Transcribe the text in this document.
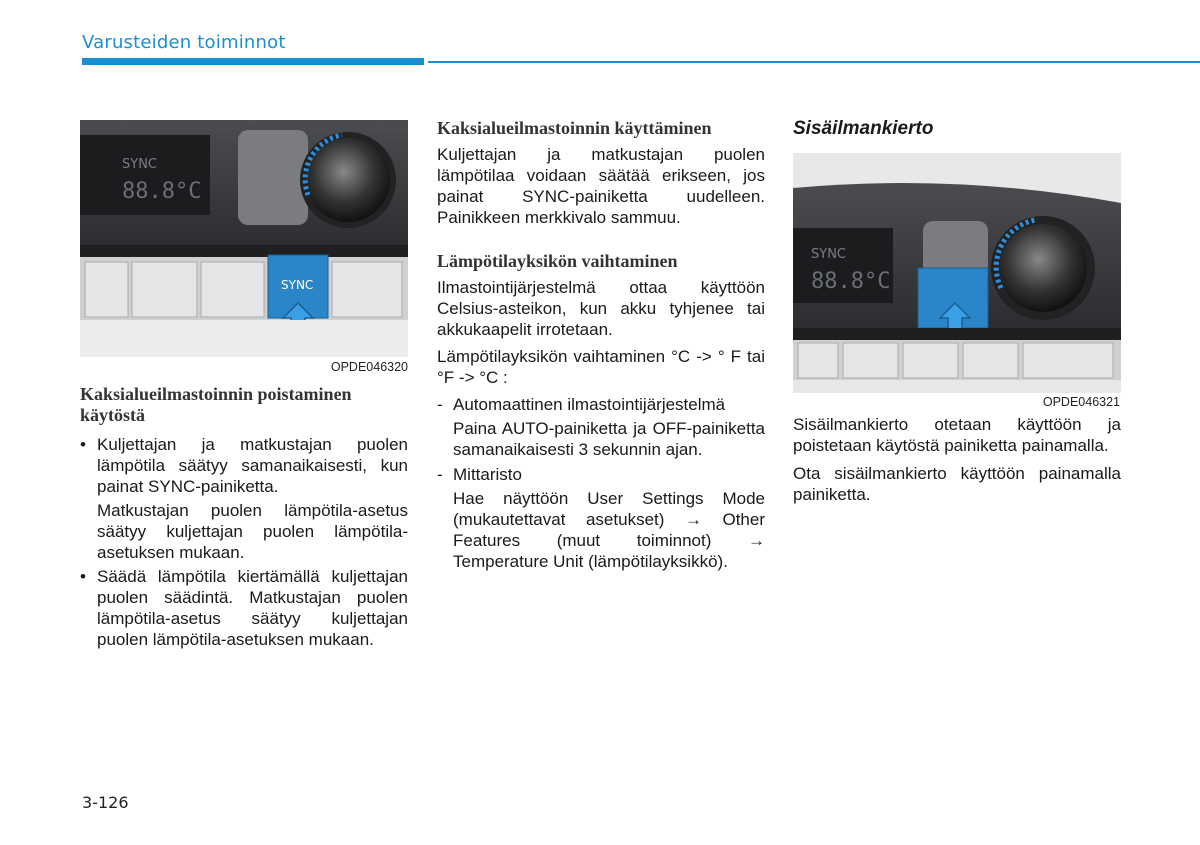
Varusteiden toiminnot
SYNC
88.8°C
SYNC
OPDE046320
Kaksialueilmastoinnin poistaminen käytöstä
• Kuljettajan ja matkustajan puolen lämpötila säätyy samanaikaisesti, kun painat SYNC-painiketta.
Matkustajan puolen lämpötila-asetus säätyy kuljettajan puolen lämpötila-asetuksen mukaan.
• Säädä lämpötila kiertämällä kuljettajan puolen säädintä. Matkustajan puolen lämpötila-asetus säätyy kuljettajan puolen lämpötila-asetuksen mukaan.
Kaksialueilmastoinnin käyttäminen

Kuljettajan ja matkustajan puolen lämpötilaa voidaan säätää erikseen, jos painat SYNC-painiketta uudelleen. Painikkeen merkkivalo sammuu.

Lämpötilayksikön vaihtaminen

Ilmastointijärjestelmä ottaa käyttöön Celsius-asteikon, kun akku tyhjenee tai akkukaapelit irrotetaan.

Lämpötilayksikön vaihtaminen °C -> ° F tai °F -> °C :

- Automaattinen ilmastointijärjestelmä
Paina AUTO-painiketta ja OFF-painiketta samanaikaisesti 3 sekunnin ajan.
- Mittaristo
Hae näyttöön User Settings Mode (mukautettavat asetukset) → Other Features (muut toiminnot) → Temperature Unit (lämpötilayksikkö).
Sisäilmankierto
SYNC
88.8°C
OPDE046321

Sisäilmankierto otetaan käyttöön ja poistetaan käytöstä painiketta painamalla.

Ota sisäilmankierto käyttöön painamalla painiketta.

3-126
